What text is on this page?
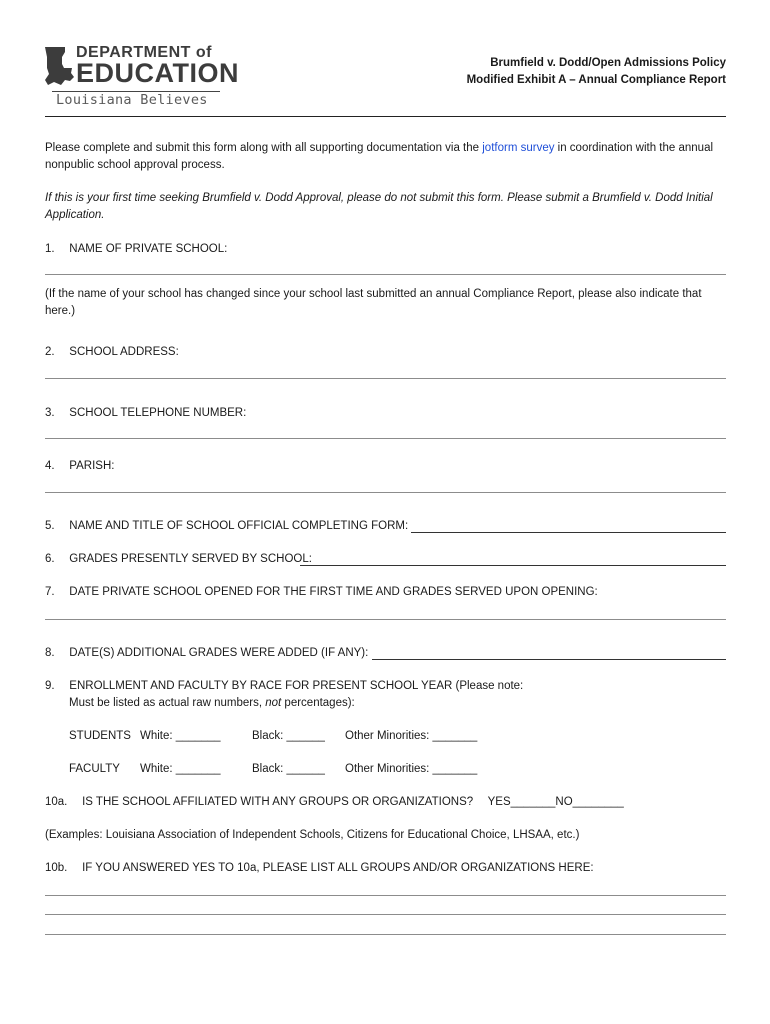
DEPARTMENT of
EDUCATION
Louisiana Believes
Brumfield v. Dodd/Open Admissions Policy
Modified Exhibit A – Annual Compliance Report
Please complete and submit this form along with all supporting documentation via the jotform survey in coordination with the annual nonpublic school approval process.
If this is your first time seeking Brumfield v. Dodd Approval, please do not submit this form. Please submit a Brumfield v. Dodd Initial Application.
1.  NAME OF PRIVATE SCHOOL:
(If the name of your school has changed since your school last submitted an annual Compliance Report, please also indicate that here.)
2.  SCHOOL ADDRESS:
3.  SCHOOL TELEPHONE NUMBER:
4.  PARISH:
5.  NAME AND TITLE OF SCHOOL OFFICIAL COMPLETING FORM:
6.  GRADES PRESENTLY SERVED BY SCHOOL:
7.  DATE PRIVATE SCHOOL OPENED FOR THE FIRST TIME AND GRADES SERVED UPON OPENING:
8.  DATE(S) ADDITIONAL GRADES WERE ADDED (IF ANY):
9.  ENROLLMENT AND FACULTY BY RACE FOR PRESENT SCHOOL YEAR (Please note:
Must be listed as actual raw numbers, not percentages):
STUDENTS White: _______	Black: ______ Other Minorities: _______
FACULTY White: _______	Black: ______ Other Minorities: _______
10a.  IS THE SCHOOL AFFILIATED WITH ANY GROUPS OR ORGANIZATIONS?  YES_______NO________
(Examples: Louisiana Association of Independent Schools, Citizens for Educational Choice, LHSAA, etc.)
10b.  IF YOU ANSWERED YES TO 10a, PLEASE LIST ALL GROUPS AND/OR ORGANIZATIONS HERE:
